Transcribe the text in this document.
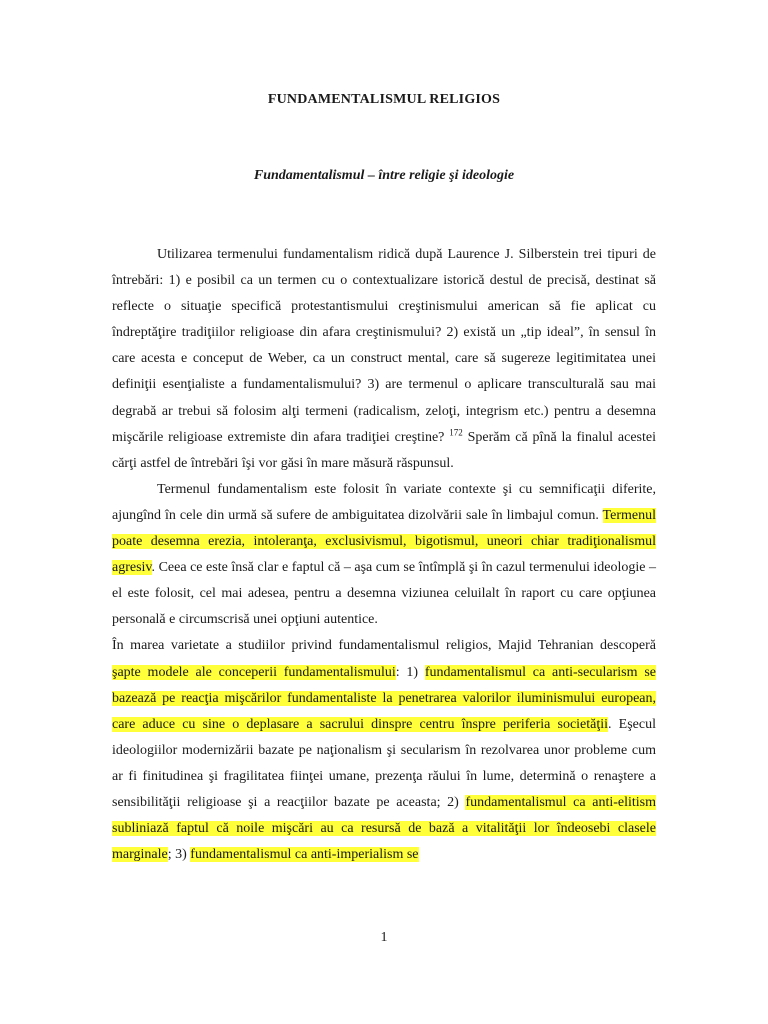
FUNDAMENTALISMUL RELIGIOS
Fundamentalismul – între religie şi ideologie

Utilizarea termenului fundamentalism ridică după Laurence J. Silberstein trei tipuri de întrebări: 1) e posibil ca un termen cu o contextualizare istorică destul de precisă, destinat să reflecte o situaţie specifică protestantismului creştinismului american să fie aplicat cu îndreptăţire tradiţiilor religioase din afara creştinismului? 2) există un „tip ideal”, în sensul în care acesta e conceput de Weber, ca un construct mental, care să sugereze legitimitatea unei definiţii esenţialiste a fundamentalismului? 3) are termenul o aplicare transculturală sau mai degrabă ar trebui să folosim alţi termeni (radicalism, zeloţi, integrism etc.) pentru a desemna mişcările religioase extremiste din afara tradiţiei creştine? $^{172}$ Sperăm că pînă la finalul acestei cărţi astfel de întrebări îşi vor găsi în mare măsură răspunsul.

Termenul fundamentalism este folosit în variate contexte şi cu semnificaţii diferite, ajungînd în cele din urmă să sufere de ambiguitatea dizolvării sale în limbajul comun. Termenul poate desemna erezia, intoleranţa, exclusivismul, bigotismul, uneori chiar tradiţionalismul agresiv. Ceea ce este însă clar e faptul că – aşa cum se întîmplă şi în cazul termenului ideologie –el este folosit, cel mai adesea, pentru a desemna viziunea celuilalt în raport cu care opţiunea personală e circumscrisă unei opţiuni autentice.

În marea varietate a studiilor privind fundamentalismul religios, Majid Tehranian descoperă şapte modele ale conceperii fundamentalismului: 1) fundamentalismul ca anti-secularism se bazează pe reacţia mişcărilor fundamentaliste la penetrarea valorilor iluminismului european, care aduce cu sine o deplasare a sacrului dinspre centru înspre periferia societăţii. Eşecul ideologiilor modernizării bazate pe naţionalism şi secularism în rezolvarea unor probleme cum ar fi finitudinea şi fragilitatea fiinţei umane, prezenţa răului în lume, determină o renaştere a sensibilităţii religioase şi a reacţiilor bazate pe aceasta; 2) fundamentalismul ca anti-elitism subliniază faptul că noile mişcări au ca resursă de bază a vitalităţii lor îndeosebi clasele marginale; 3) fundamentalismul ca anti-imperialism se

1
